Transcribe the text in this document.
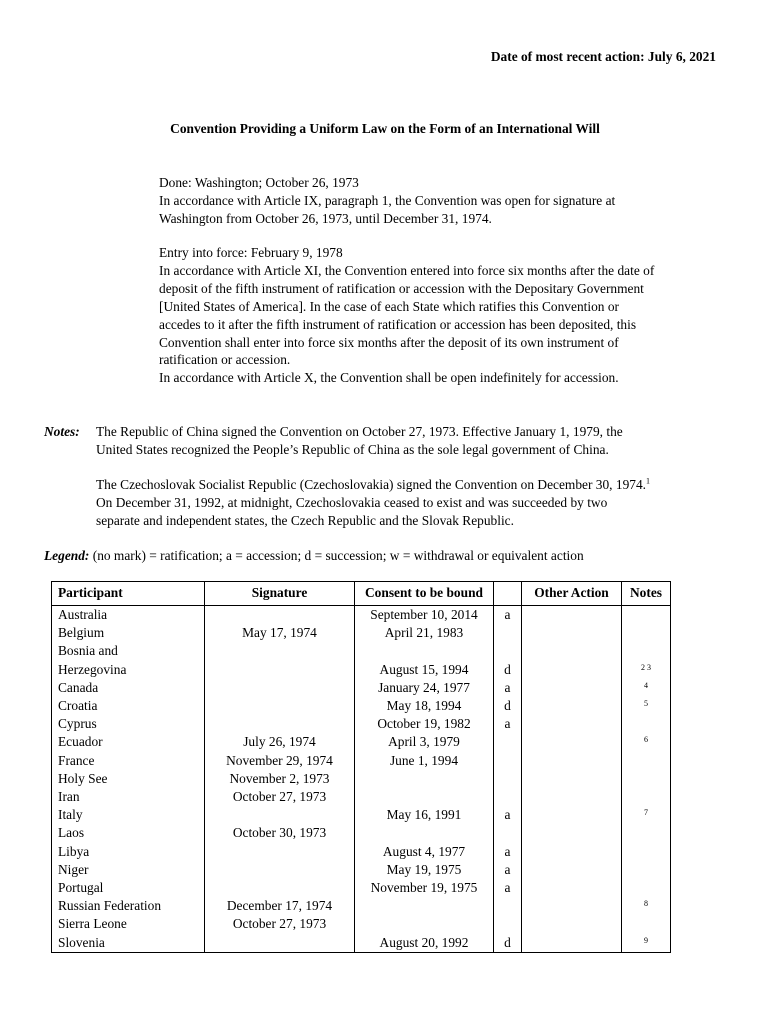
Date of most recent action: July 6, 2021
Convention Providing a Uniform Law on the Form of an International Will

Done: Washington; October 26, 1973

In accordance with Article IX, paragraph 1, the Convention was open for signature at

Washington from October 26, 1973, until December 31, 1974.

Entry into force: February 9, 1978

In accordance with Article XI, the Convention entered into force six months after the date of

deposit of the fifth instrument of ratification or accession with the Depositary Government

[United States of America]. In the case of each State which ratifies this Convention or

accedes to it after the fifth instrument of ratification or accession has been deposited, this

Convention shall enter into force six months after the deposit of its own instrument of

ratification or accession.

In accordance with Article X, the Convention shall be open indefinitely for accession.

Notes: The Republic of China signed the Convention on October 27, 1973. Effective January 1, 1979, the

United States recognized the People’s Republic of China as the sole legal government of China.

The Czechoslovak Socialist Republic (Czechoslovakia) signed the Convention on December 30, 1974.$^1$

On December 31, 1992, at midnight, Czechoslovakia ceased to exist and was succeeded by two

separate and independent states, the Czech Republic and the Slovak Republic.

Legend: (no mark) = ratification; a = accession; d = succession; w = withdrawal or equivalent action
Participant	Signature	Consent to be bound		Other Action	Notes
Australia		September 10, 2014	a		
Belgium	May 17, 1974	April 21, 1983			
Bosnia and					
Herzegovina		August 15, 1994	d		2 3
Canada		January 24, 1977	a		4
Croatia		May 18, 1994	d		5
Cyprus		October 19, 1982	a		
Ecuador	July 26, 1974	April 3, 1979			6
France	November 29, 1974	June 1, 1994			
Holy See	November 2, 1973				
Iran	October 27, 1973				
Italy		May 16, 1991	a		7
Laos	October 30, 1973				
Libya		August 4, 1977	a		
Niger		May 19, 1975	a		
Portugal		November 19, 1975	a		
Russian Federation	December 17, 1974				8
Sierra Leone	October 27, 1973				
Slovenia		August 20, 1992	d		9
